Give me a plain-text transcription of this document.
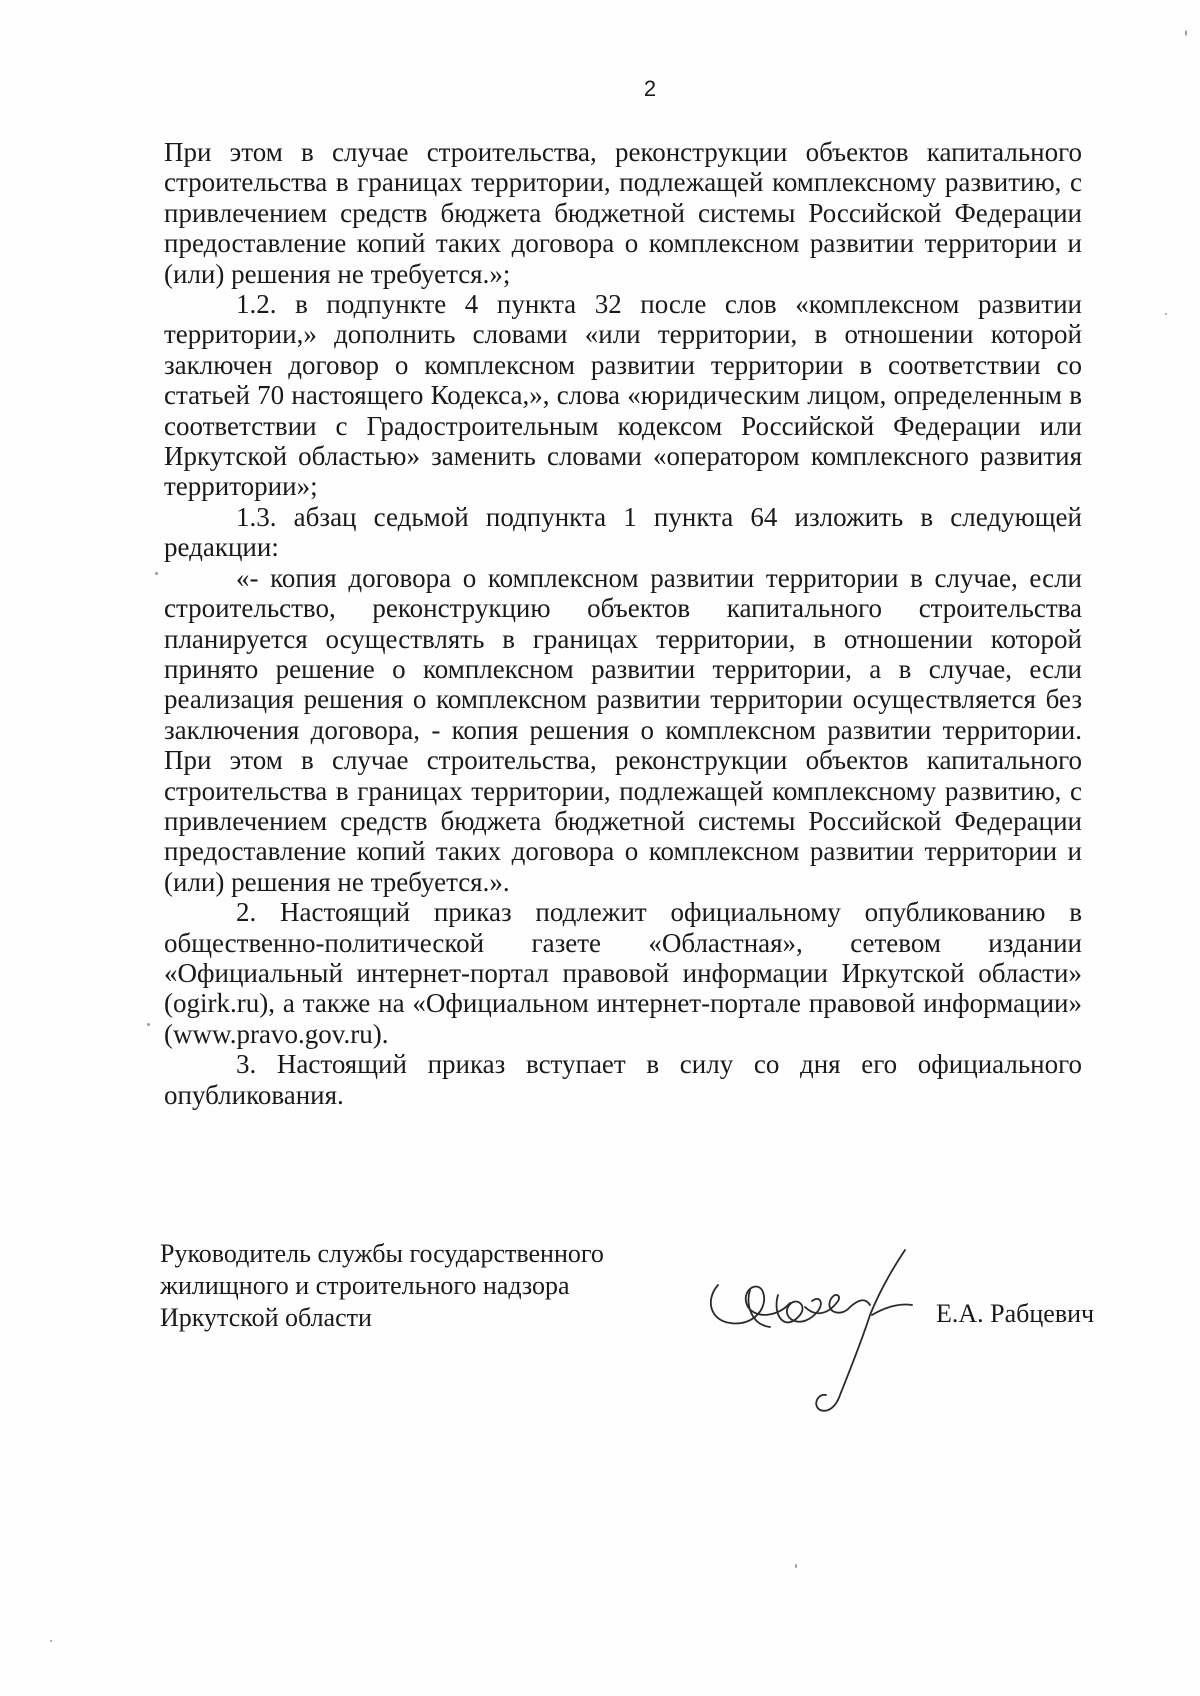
2

При этом в случае строительства, реконструкции объектов капитального строительства в границах территории, подлежащей комплексному развитию, с привлечением средств бюджета бюджетной системы Российской Федерации предоставление копий таких договора о комплексном развитии территории и (или) решения не требуется.»;

1.2. в подпункте 4 пункта 32 после слов «комплексном развитии территории,» дополнить словами «или территории, в отношении которой заключен договор о комплексном развитии территории в соответствии со статьей 70 настоящего Кодекса,», слова «юридическим лицом, определенным в соответствии с Градостроительным кодексом Российской Федерации или Иркутской областью» заменить словами «оператором комплексного развития территории»;

1.3. абзац седьмой подпункта 1 пункта 64 изложить в следующей редакции:

«- копия договора о комплексном развитии территории в случае, если строительство, реконструкцию объектов капитального строительства планируется осуществлять в границах территории, в отношении которой принято решение о комплексном развитии территории, а в случае, если реализация решения о комплексном развитии территории осуществляется без заключения договора, - копия решения о комплексном развитии территории. При этом в случае строительства, реконструкции объектов капитального строительства в границах территории, подлежащей комплексному развитию, с привлечением средств бюджета бюджетной системы Российской Федерации предоставление копий таких договора о комплексном развитии территории и (или) решения не требуется.».

2. Настоящий приказ подлежит официальному опубликованию в общественно-политической газете «Областная», сетевом издании «Официальный интернет-портал правовой информации Иркутской области» (ogirk.ru), а также на «Официальном интернет-портале правовой информации» (www.pravo.gov.ru).

3. Настоящий приказ вступает в силу со дня его официального опубликования.

Руководитель службы государственного
жилищного и строительного надзора
Иркутской области	Е.А. Рабцевич
